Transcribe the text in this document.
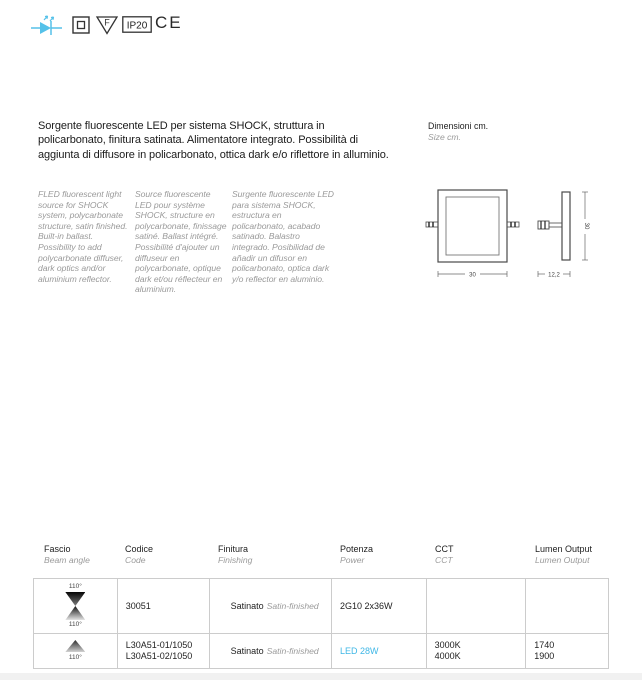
F IP20 CE

Sorgente fluorescente LED per sistema SHOCK, struttura in policarbonato, finitura satinata. Alimentatore integrato. Possibilità di aggiunta di diffusore in policarbonato, ottica dark e/o riflettore in alluminio.

FLED fluorescent light source for SHOCK system, polycarbonate structure, satin finished. Built-in ballast. Possibility to add polycarbonate diffuser, dark optics and/or aluminium reflector.

Source fluorescente LED pour système SHOCK, structure en polycarbonate, finissage satiné. Ballast intégré. Possibilité d'ajouter un diffuseur en polycarbonate, optique dark et/ou réflecteur en aluminium.

Surgente fluorescente LED para sistema SHOCK, estructura en policarbonato, acabado satinado. Balastro integrado. Posibilidad de añadir un difusor en policarbonato, optica dark y/o reflector en aluminio.

Dimensioni cm.
Size cm.
30
30
12,2
Fascio
Beam angle
Codice
Code
Finitura
Finishing
Potenza
Power
CCT
CCT
Lumen Output
Lumen Output
110°
110°
30051	Satinato Satin-finished 2G10 2x36W
110°
L30A51-01/1050
L30A51-02/1050
Satinato Satin-finished LED 28W
3000K
4000K
1740
1900
